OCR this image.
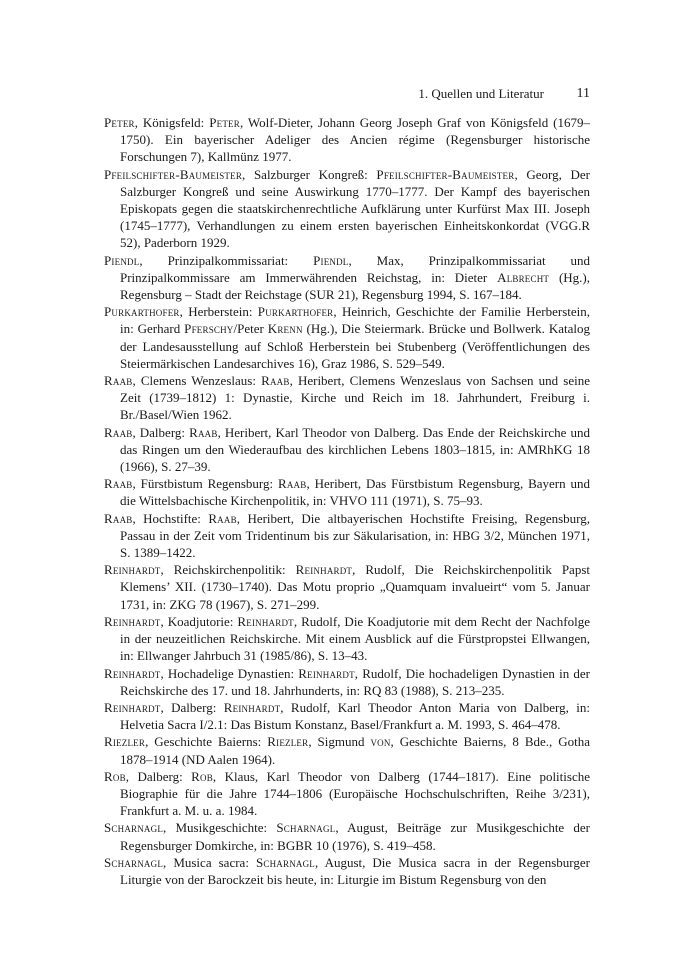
1. Quellen und Literatur 11

Peter, Königsfeld: Peter, Wolf-Dieter, Johann Georg Joseph Graf von Königsfeld (1679–1750). Ein bayerischer Adeliger des Ancien régime (Regensburger historische Forschungen 7), Kallmünz 1977.

Pfeilschifter-Baumeister, Salzburger Kongreß: Pfeilschifter-Baumeister, Georg, Der Salzburger Kongreß und seine Auswirkung 1770–1777. Der Kampf des bayerischen Episkopats gegen die staatskirchenrechtliche Aufklärung unter Kurfürst Max III. Joseph (1745–1777), Verhandlungen zu einem ersten bayerischen Einheitskonkordat (VGG.R 52), Paderborn 1929.

Piendl, Prinzipalkommissariat: Piendl, Max, Prinzipalkommissariat und Prinzipalkommissare am Immerwährenden Reichstag, in: Dieter Albrecht (Hg.), Regensburg – Stadt der Reichstage (SUR 21), Regensburg 1994, S. 167–184.

Purkarthofer, Herberstein: Purkarthofer, Heinrich, Geschichte der Familie Herberstein, in: Gerhard Pferschy/Peter Krenn (Hg.), Die Steiermark. Brücke und Bollwerk. Katalog der Landesausstellung auf Schloß Herberstein bei Stubenberg (Veröffentlichungen des Steiermärkischen Landesarchives 16), Graz 1986, S. 529–549.

Raab, Clemens Wenzeslaus: Raab, Heribert, Clemens Wenzeslaus von Sachsen und seine Zeit (1739–1812) 1: Dynastie, Kirche und Reich im 18. Jahrhundert, Freiburg i. Br./Basel/Wien 1962.

Raab, Dalberg: Raab, Heribert, Karl Theodor von Dalberg. Das Ende der Reichskirche und das Ringen um den Wiederaufbau des kirchlichen Lebens 1803–1815, in: AMRhKG 18 (1966), S. 27–39.

Raab, Fürstbistum Regensburg: Raab, Heribert, Das Fürstbistum Regensburg, Bayern und die Wittelsbachische Kirchenpolitik, in: VHVO 111 (1971), S. 75–93.

Raab, Hochstifte: Raab, Heribert, Die altbayerischen Hochstifte Freising, Regensburg, Passau in der Zeit vom Tridentinum bis zur Säkularisation, in: HBG 3/2, München 1971, S. 1389–1422.

Reinhardt, Reichskirchenpolitik: Reinhardt, Rudolf, Die Reichskirchenpolitik Papst Klemens’ XII. (1730–1740). Das Motu proprio „Quamquam invalueirt“ vom 5. Januar 1731, in: ZKG 78 (1967), S. 271–299.

Reinhardt, Koadjutorie: Reinhardt, Rudolf, Die Koadjutorie mit dem Recht der Nachfolge in der neuzeitlichen Reichskirche. Mit einem Ausblick auf die Fürstpropstei Ellwangen, in: Ellwanger Jahrbuch 31 (1985/86), S. 13–43.

Reinhardt, Hochadelige Dynastien: Reinhardt, Rudolf, Die hochadeligen Dynastien in der Reichskirche des 17. und 18. Jahrhunderts, in: RQ 83 (1988), S. 213–235.

Reinhardt, Dalberg: Reinhardt, Rudolf, Karl Theodor Anton Maria von Dalberg, in: Helvetia Sacra I/2.1: Das Bistum Konstanz, Basel/Frankfurt a. M. 1993, S. 464–478.

Riezler, Geschichte Baierns: Riezler, Sigmund von, Geschichte Baierns, 8 Bde., Gotha 1878–1914 (ND Aalen 1964).

Rob, Dalberg: Rob, Klaus, Karl Theodor von Dalberg (1744–1817). Eine politische Biographie für die Jahre 1744–1806 (Europäische Hochschulschriften, Reihe 3/231), Frankfurt a. M. u. a. 1984.

Scharnagl, Musikgeschichte: Scharnagl, August, Beiträge zur Musikgeschichte der Regensburger Domkirche, in: BGBR 10 (1976), S. 419–458.

Scharnagl, Musica sacra: Scharnagl, August, Die Musica sacra in der Regensburger Liturgie von der Barockzeit bis heute, in: Liturgie im Bistum Regensburg von den
